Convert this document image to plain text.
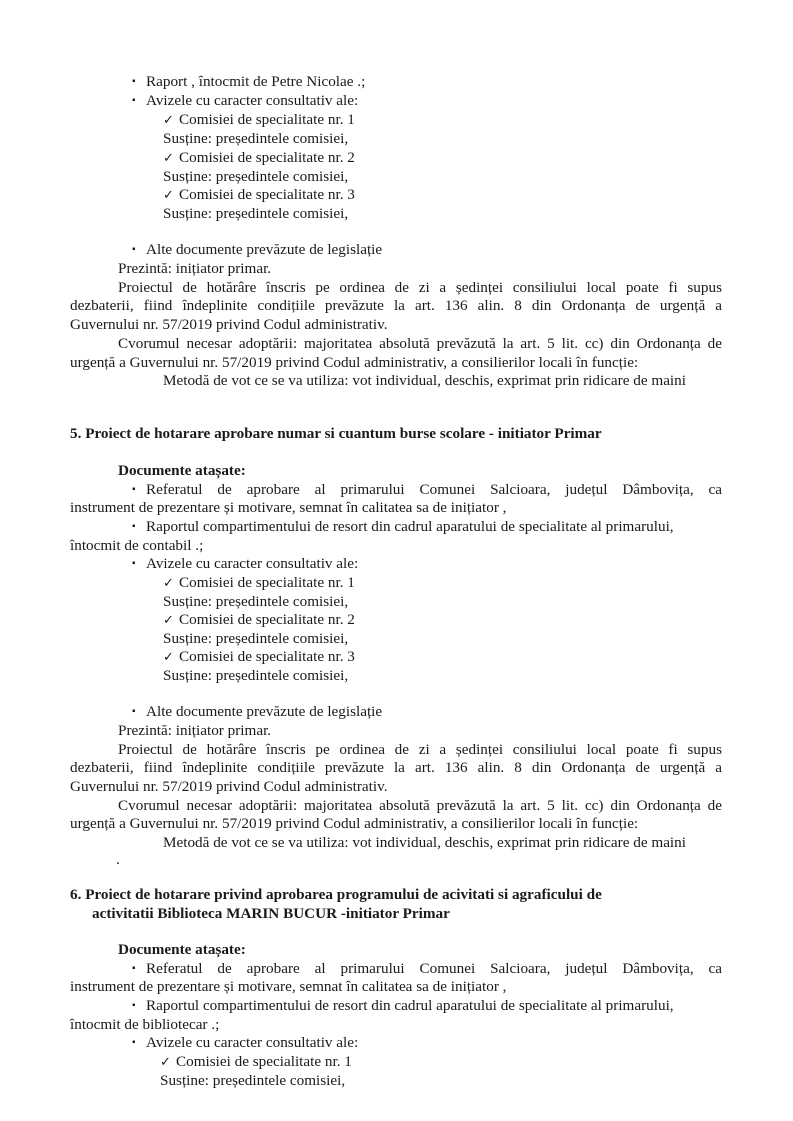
▪ Raport , întocmit de Petre Nicolae .;
▪ Avizele cu caracter consultativ ale:
✓ Comisiei de specialitate nr. 1
Susține: președintele comisiei,
✓ Comisiei de specialitate nr. 2
Susține: președintele comisiei,
✓ Comisiei de specialitate nr. 3
Susține: președintele comisiei,
▪ Alte documente prevăzute de legislație
Prezintă: inițiator primar.
Proiectul de hotărâre înscris pe ordinea de zi a ședinței consiliului local poate fi supus
dezbaterii, fiind îndeplinite condițiile prevăzute la art. 136 alin. 8 din Ordonanța de urgență a
Guvernului nr. 57/2019 privind Codul administrativ.
Cvorumul necesar adoptării: majoritatea absolută prevăzută la art. 5 lit. cc) din Ordonanța de
urgență a Guvernului nr. 57/2019 privind Codul administrativ, a consilierilor locali în funcție:
Metodă de vot ce se va utiliza: vot individual, deschis, exprimat prin ridicare de maini
5. Proiect de hotarare aprobare numar si cuantum burse scolare - initiator Primar
Documente atașate:
▪ Referatul de aprobare al primarului Comunei Salcioara, județul Dâmbovița, ca
instrument de prezentare și motivare, semnat în calitatea sa de inițiator ,
▪ Raportul compartimentului de resort din cadrul aparatului de specialitate al primarului,
întocmit de contabil .;
▪ Avizele cu caracter consultativ ale:
✓ Comisiei de specialitate nr. 1
Susține: președintele comisiei,
✓ Comisiei de specialitate nr. 2
Susține: președintele comisiei,
✓ Comisiei de specialitate nr. 3
Susține: președintele comisiei,
▪ Alte documente prevăzute de legislație
Prezintă: inițiator primar.
Proiectul de hotărâre înscris pe ordinea de zi a ședinței consiliului local poate fi supus
dezbaterii, fiind îndeplinite condițiile prevăzute la art. 136 alin. 8 din Ordonanța de urgență a
Guvernului nr. 57/2019 privind Codul administrativ.
Cvorumul necesar adoptării: majoritatea absolută prevăzută la art. 5 lit. cc) din Ordonanța de
urgență a Guvernului nr. 57/2019 privind Codul administrativ, a consilierilor locali în funcție:
Metodă de vot ce se va utiliza: vot individual, deschis, exprimat prin ridicare de maini
.
6. Proiect de hotarare privind aprobarea programului de acivitati si agraficului de
activitatii Biblioteca MARIN BUCUR -initiator Primar
Documente atașate:
▪ Referatul de aprobare al primarului Comunei Salcioara, județul Dâmbovița, ca
instrument de prezentare și motivare, semnat în calitatea sa de inițiator ,
▪ Raportul compartimentului de resort din cadrul aparatului de specialitate al primarului,
întocmit de bibliotecar .;
▪ Avizele cu caracter consultativ ale:
✓ Comisiei de specialitate nr. 1
Susține: președintele comisiei,
